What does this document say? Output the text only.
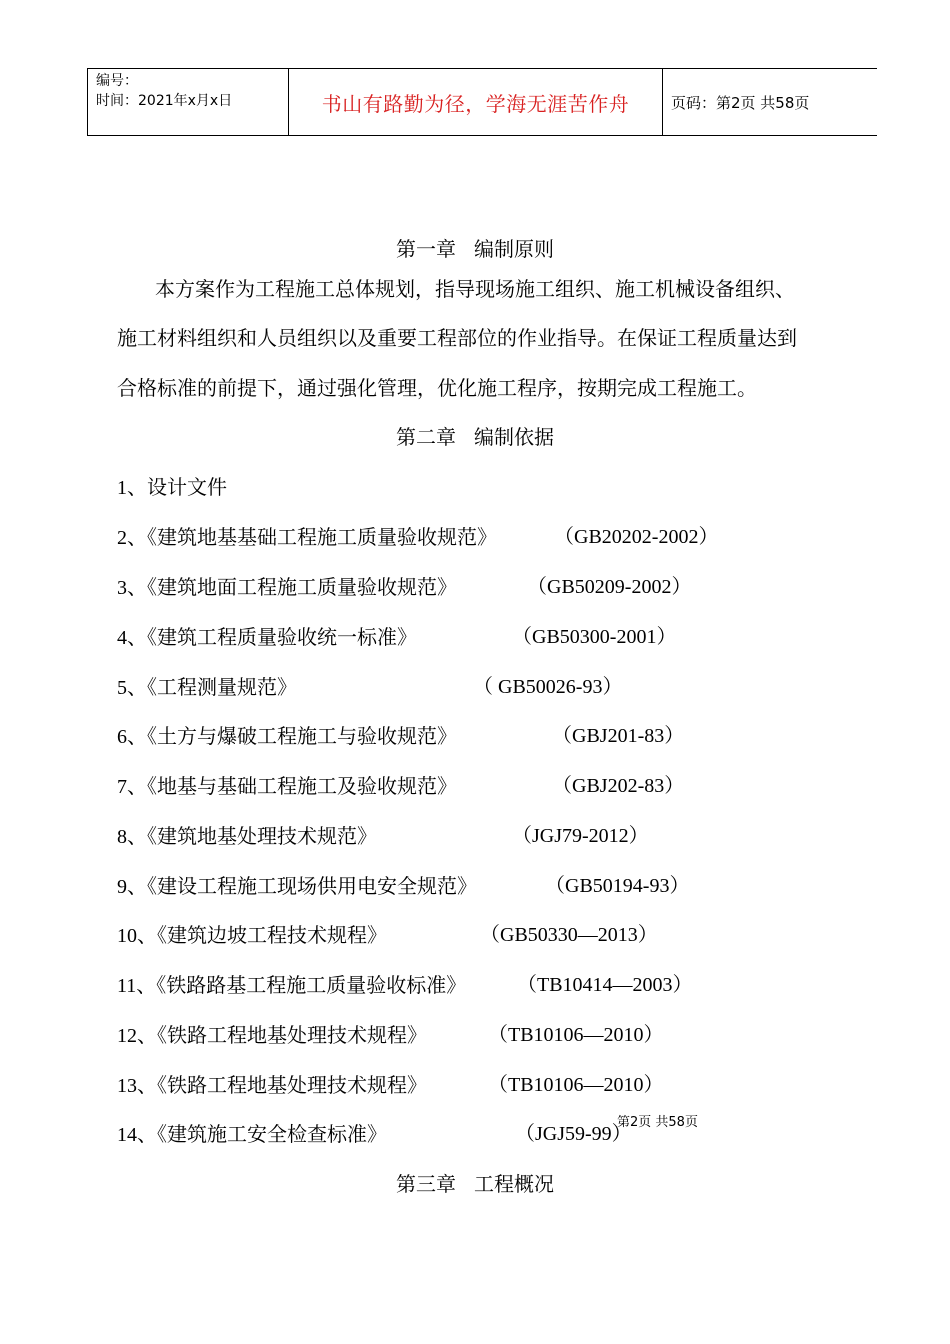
编号：
时间：2021年x月x日	书山有路勤为径，学海无涯苦作舟	页码：第2页 共58页
第一章 编制原则
本方案作为工程施工总体规划，指导现场施工组织、施工机械设备组织、
施工材料组织和人员组织以及重要工程部位的作业指导。在保证工程质量达到
合格标准的前提下，通过强化管理，优化施工程序，按期完成工程施工。
第二章 编制依据
1、设计文件
2、《建筑地基基础工程施工质量验收规范》	（GB20202-2002）
3、《建筑地面工程施工质量验收规范》	（GB50209-2002）
4、《建筑工程质量验收统一标准》	（GB50300-2001）
5、《工程测量规范》	（ GB50026-93）
6、《土方与爆破工程施工与验收规范》	（GBJ201-83）
7、《地基与基础工程施工及验收规范》	（GBJ202-83）
8、《建筑地基处理技术规范》	（JGJ79-2012）
9、《建设工程施工现场供用电安全规范》	（GB50194-93）
10、《建筑边坡工程技术规程》	（GB50330—2013）
11、《铁路路基工程施工质量验收标准》	（TB10414—2003）
12、《铁路工程地基处理技术规程》	（TB10106—2010）
13、《铁路工程地基处理技术规程》	（TB10106—2010）
14、《建筑施工安全检查标准》	（JGJ59-99）
第2页 共58页
第三章 工程概况
